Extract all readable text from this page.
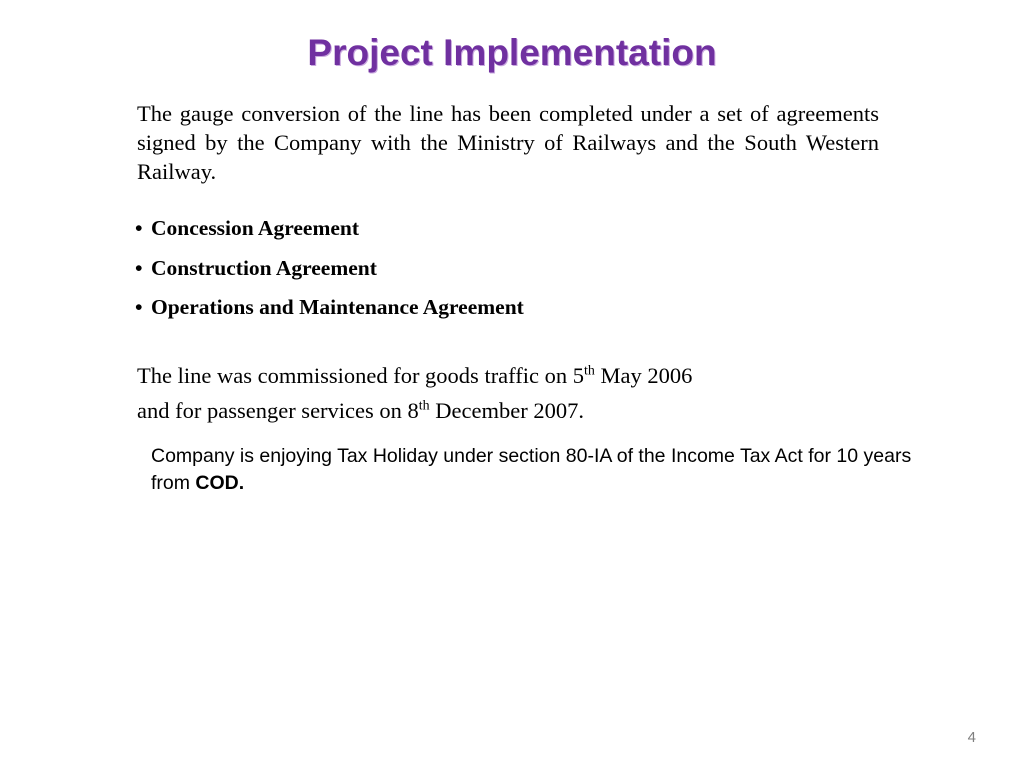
Project Implementation

The gauge conversion of the line has been completed under a set of agreements signed by the Company with the Ministry of Railways and the South Western Railway.

• Concession Agreement
• Construction Agreement
• Operations and Maintenance Agreement
The line was commissioned for goods traffic on 5th May 2006
and for passenger services on 8th December 2007.
Company is enjoying Tax Holiday under section 80-IA of the Income Tax Act for 10 years from COD.
4
